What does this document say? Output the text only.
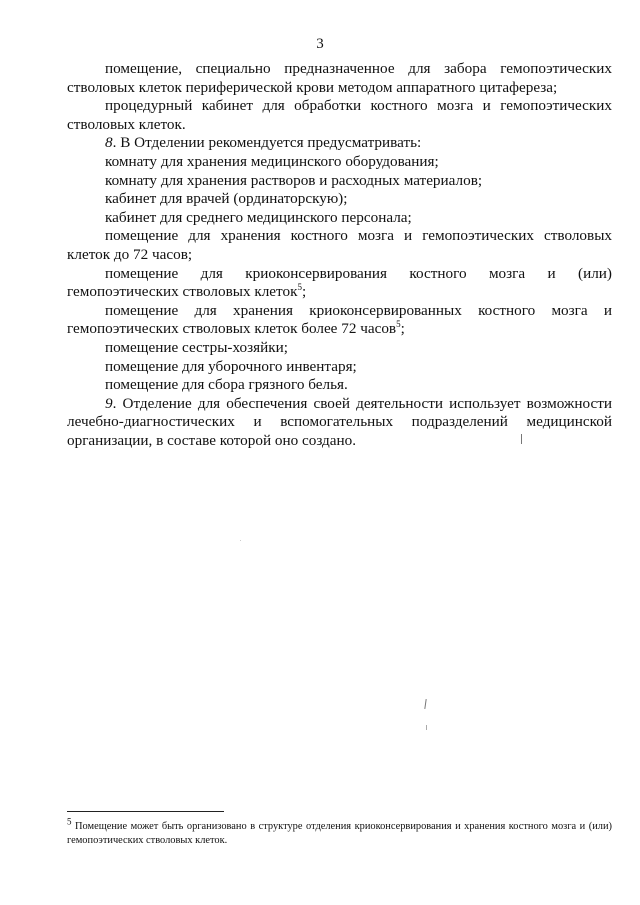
3

помещение, специально предназначенное для забора гемопоэтических стволовых клеток периферической крови методом аппаратного цитафереза;

процедурный кабинет для обработки костного мозга и гемопоэтических стволовых клеток.

8. В Отделении рекомендуется предусматривать:

комнату для хранения медицинского оборудования;

комнату для хранения растворов и расходных материалов;

кабинет для врачей (ординаторскую);

кабинет для среднего медицинского персонала;

помещение для хранения костного мозга и гемопоэтических стволовых клеток до 72 часов;

помещение для криоконсервирования костного мозга и (или) гемопоэтических стволовых клеток$^5$;

помещение для хранения криоконсервированных костного мозга и гемопоэтических стволовых клеток более 72 часов$^5$;

помещение сестры-хозяйки;

помещение для уборочного инвентаря;

помещение для сбора грязного белья.

9. Отделение для обеспечения своей деятельности использует возможности лечебно-диагностических и вспомогательных подразделений медицинской организации, в составе которой оно создано.

$^5$ Помещение может быть организовано в структуре отделения криоконсервирования и хранения костного мозга и (или) гемопоэтических стволовых клеток.
